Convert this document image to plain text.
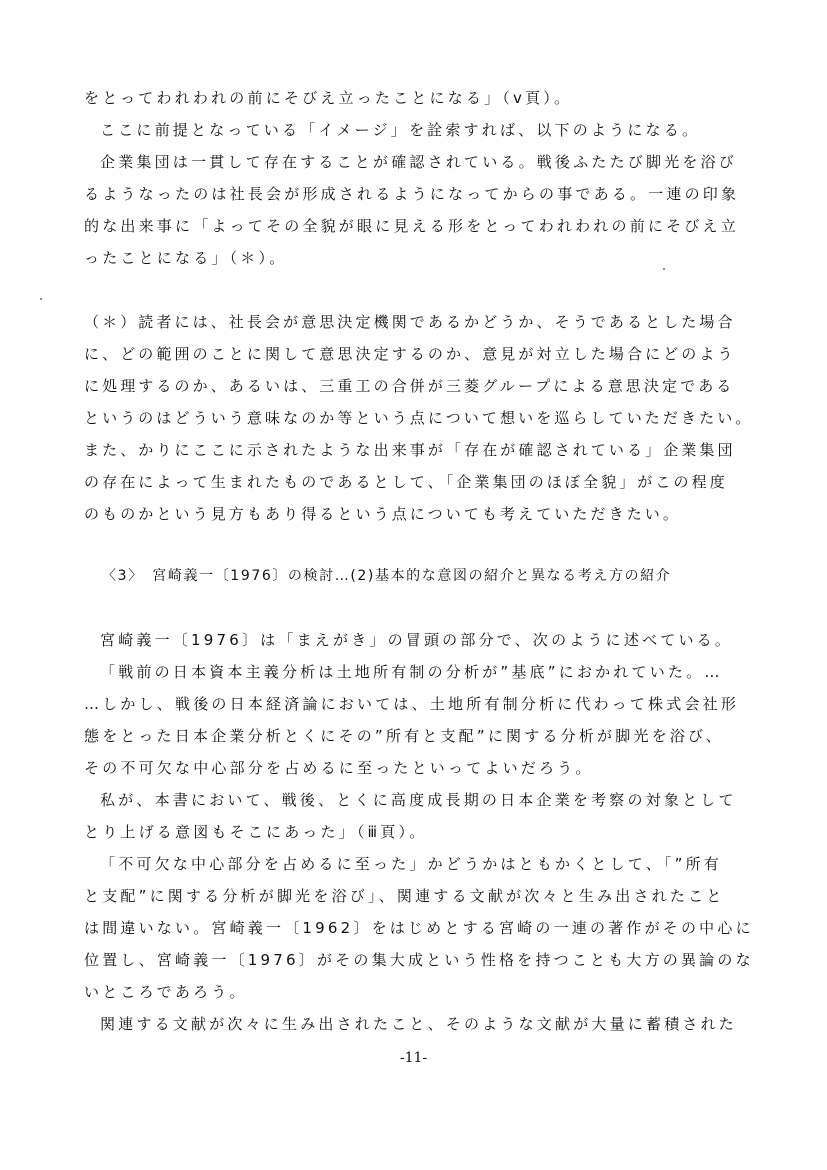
をとってわれわれの前にそびえ立ったことになる」（ⅴ頁）。
ここに前提となっている「イメージ」を詮索すれば、以下のようになる。
企業集団は一貫して存在することが確認されている。戦後ふたたび脚光を浴び
るようなったのは社長会が形成されるようになってからの事である。一連の印象
的な出来事に「よってその全貌が眼に見える形をとってわれわれの前にそびえ立
ったことになる」（＊）。
（＊）読者には、社長会が意思決定機関であるかどうか、そうであるとした場合
に、どの範囲のことに関して意思決定するのか、意見が対立した場合にどのよう
に処理するのか、あるいは、三重工の合併が三菱グループによる意思決定である
というのはどういう意味なのか等という点について想いを巡らしていただきたい。
また、かりにここに示されたような出来事が「存在が確認されている」企業集団
の存在によって生まれたものであるとして、「企業集団のほぼ全貌」がこの程度
のものかという見方もあり得るという点についても考えていただきたい。
〈3〉　宮崎義一〔1976〕の検討…(2)基本的な意図の紹介と異なる考え方の紹介
宮崎義一〔1976〕は「まえがき」の冒頭の部分で、次のように述べている。
「戦前の日本資本主義分析は土地所有制の分析が”基底”におかれていた。…
…しかし、戦後の日本経済論においては、土地所有制分析に代わって株式会社形
態をとった日本企業分析とくにその”所有と支配”に関する分析が脚光を浴び、
その不可欠な中心部分を占めるに至ったといってよいだろう。
私が、本書において、戦後、とくに高度成長期の日本企業を考察の対象として
とり上げる意図もそこにあった」（ⅲ頁）。
「不可欠な中心部分を占めるに至った」かどうかはともかくとして、「”所有
と支配”に関する分析が脚光を浴び」、関連する文献が次々と生み出されたこと
は間違いない。宮崎義一〔1962〕をはじめとする宮崎の一連の著作がその中心に
位置し、宮崎義一〔1976〕がその集大成という性格を持つことも大方の異論のな
いところであろう。
関連する文献が次々に生み出されたこと、そのような文献が大量に蓄積された
-11-
